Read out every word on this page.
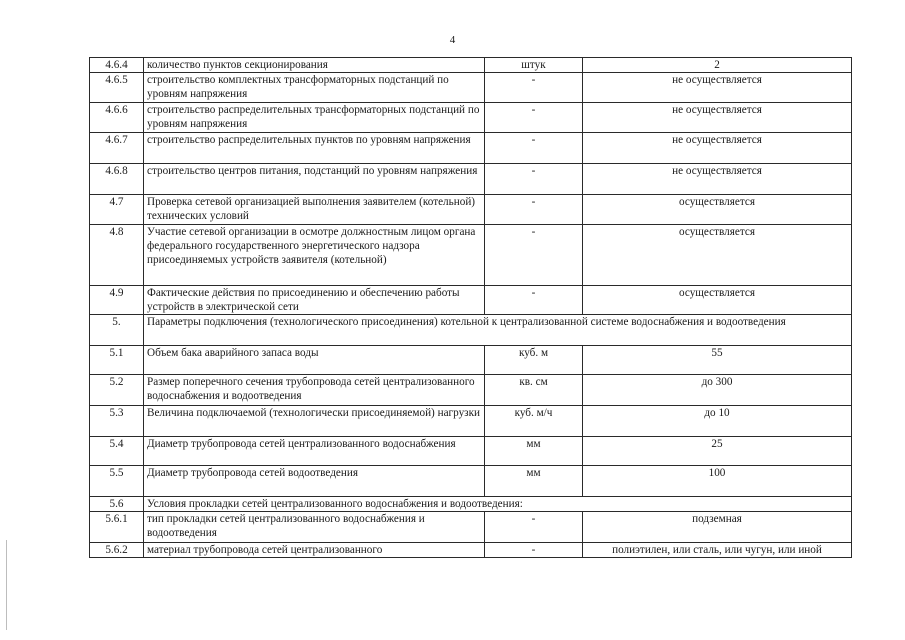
4
4.6.4	количество пунктов секционирования	штук	2
4.6.5	строительство комплектных трансформаторных подстанций по уровням напряжения	-	не осуществляется
4.6.6	строительство распределительных трансформаторных подстанций по уровням напряжения	-	не осуществляется
4.6.7	строительство распределительных пунктов по уровням напряжения	-	не осуществляется
4.6.8	строительство центров питания, подстанций по уровням напряжения	-	не осуществляется
4.7	Проверка сетевой организацией выполнения заявителем (котельной) технических условий	-	осуществляется
4.8	Участие сетевой организации в осмотре должностным лицом органа федерального государственного энергетического надзора присоединяемых устройств заявителя (котельной)	-	осуществляется
4.9	Фактические действия по присоединению и обеспечению работы устройств в электрической сети	-	осуществляется
5.	Параметры подключения (технологического присоединения) котельной к централизованной системе водоснабжения и водоотведения		
5.1	Объем бака аварийного запаса воды	куб. м	55
5.2	Размер поперечного сечения трубопровода сетей централизованного водоснабжения и водоотведения	кв. см	до 300
5.3	Величина подключаемой (технологически присоединяемой) нагрузки	куб. м/ч	до 10
5.4	Диаметр трубопровода сетей централизованного водоснабжения	мм	25
5.5	Диаметр трубопровода сетей водоотведения	мм	100
5.6	Условия прокладки сетей централизованного водоснабжения и водоотведения:		
5.6.1	тип прокладки сетей централизованного водоснабжения и водоотведения	-	подземная
5.6.2	материал трубопровода сетей централизованного	-	полиэтилен, или сталь, или чугун, или иной
